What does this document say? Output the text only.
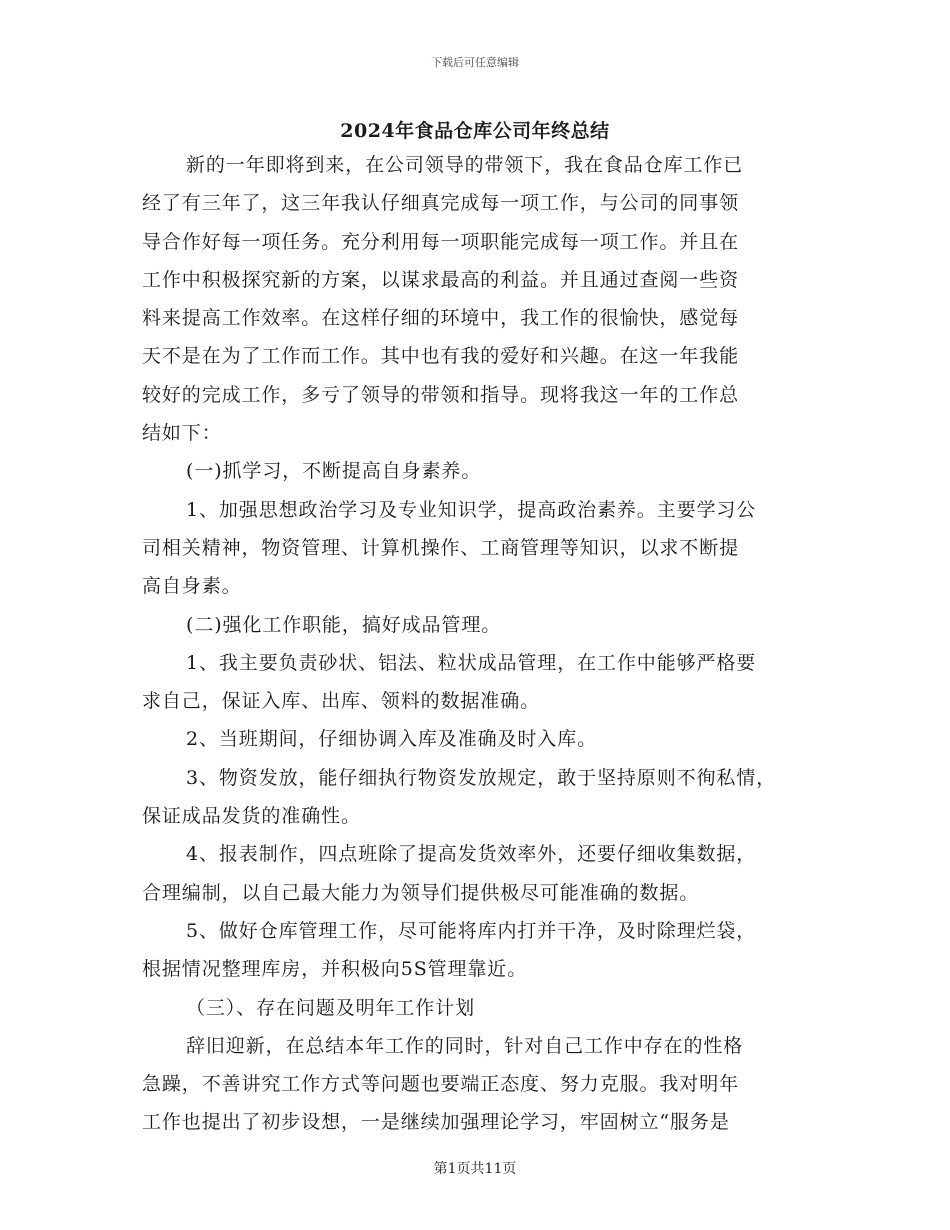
下载后可任意编辑
2024年食品仓库公司年终总结
新的一年即将到来，在公司领导的带领下，我在食品仓库工作已
经了有三年了，这三年我认仔细真完成每一项工作，与公司的同事领
导合作好每一项任务。充分利用每一项职能完成每一项工作。并且在
工作中积极探究新的方案，以谋求最高的利益。并且通过查阅一些资
料来提高工作效率。在这样仔细的环境中，我工作的很愉快，感觉每
天不是在为了工作而工作。其中也有我的爱好和兴趣。在这一年我能
较好的完成工作，多亏了领导的带领和指导。现将我这一年的工作总
结如下：
(一)抓学习，不断提高自身素养。
1、加强思想政治学习及专业知识学，提高政治素养。主要学习公
司相关精神，物资管理、计算机操作、工商管理等知识，以求不断提
高自身素。
(二)强化工作职能，搞好成品管理。
1、我主要负责砂状、铝法、粒状成品管理，在工作中能够严格要
求自己，保证入库、出库、领料的数据准确。
2、当班期间，仔细协调入库及准确及时入库。
3、物资发放，能仔细执行物资发放规定，敢于坚持原则不徇私情，
保证成品发货的准确性。
4、报表制作，四点班除了提高发货效率外，还要仔细收集数据，
合理编制，以自己最大能力为领导们提供极尽可能准确的数据。
5、做好仓库管理工作，尽可能将库内打并干净，及时除理烂袋，
根据情况整理库房，并积极向5S管理靠近。
（三）、存在问题及明年工作计划
辞旧迎新，在总结本年工作的同时，针对自己工作中存在的性格
急躁，不善讲究工作方式等问题也要端正态度、努力克服。我对明年
工作也提出了初步设想，一是继续加强理论学习，牢固树立“服务是
第1页共11页
